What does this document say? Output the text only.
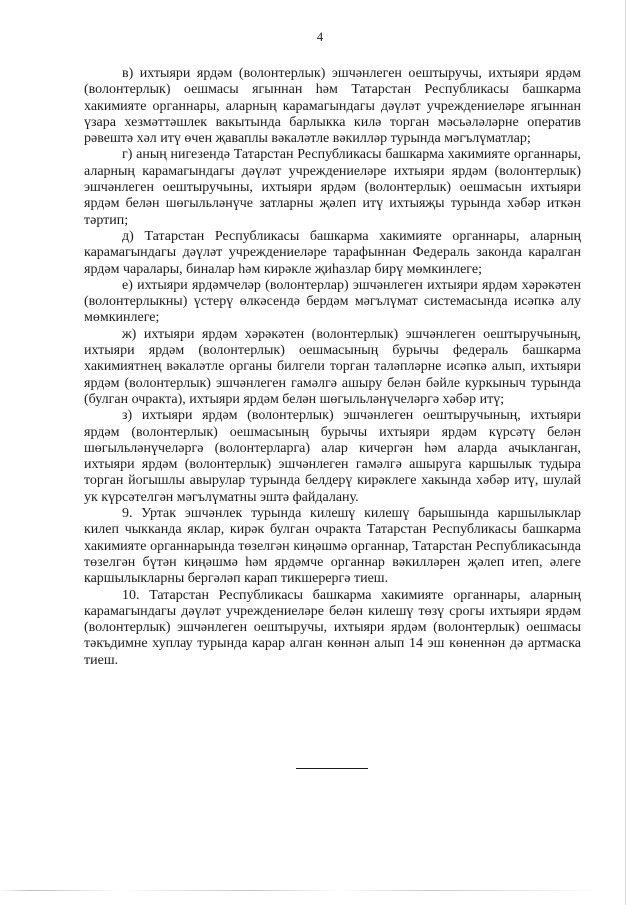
4

в) ихтыяри ярдәм (волонтерлык) эшчәнлеген оештыручы, ихтыяри ярдәм (волонтерлык) оешмасы ягыннан һәм Татарстан Республикасы башкарма хакимияте органнары, аларның карамагындагы дәүләт учреждениеләре ягыннан үзара хезмәттәшлек вакытында барлыкка килә торган мәсьәләләрне оператив рәвештә хәл итү өчен җаваплы вәкаләтле вәкилләр турында мәгълүматлар;

г) аның нигезендә Татарстан Республикасы башкарма хакимияте органнары, аларның карамагындагы дәүләт учреждениеләре ихтыяри ярдәм (волонтерлык) эшчәнлеген оештыручыны, ихтыяри ярдәм (волонтерлык) оешмасын ихтыяри ярдәм белән шөгыльләнүче затларны җәлеп итү ихтыяҗы турында хәбәр иткән тәртип;

д) Татарстан Республикасы башкарма хакимияте органнары, аларның карамагындагы дәүләт учреждениеләре тарафыннан Федераль законда каралган ярдәм чаралары, биналар һәм кирәкле җиһазлар бирү мөмкинлеге;

е) ихтыяри ярдәмчеләр (волонтерлар) эшчәнлеген ихтыяри ярдәм хәрәкәтен (волонтерлыкны) үстерү өлкәсендә бердәм мәгълүмат системасында исәпкә алу мөмкинлеге;

ж) ихтыяри ярдәм хәрәкәтен (волонтерлык) эшчәнлеген оештыручының, ихтыяри ярдәм (волонтерлык) оешмасының бурычы федераль башкарма хакимиятнең вәкаләтле органы билгели торган таләпләрне исәпкә алып, ихтыяри ярдәм (волонтерлык) эшчәнлеген гамәлгә ашыру белән бәйле куркыныч турында (булган очракта), ихтыяри ярдәм белән шөгыльләнүчеләргә хәбәр итү;

з) ихтыяри ярдәм (волонтерлык) эшчәнлеген оештыручының, ихтыяри ярдәм (волонтерлык) оешмасының бурычы ихтыяри ярдәм күрсәтү белән шөгыльләнүчеләргә (волонтерларга) алар кичергән һәм аларда ачыкланган, ихтыяри ярдәм (волонтерлык) эшчәнлеген гамәлгә ашыруга каршылык тудыра торган йогышлы авырулар турында белдерү кирәклеге хакында хәбәр итү, шулай ук күрсәтелгән мәгълүматны эштә файдалану.

9. Уртак эшчәнлек турында килешү килешү барышында каршылыклар килеп чыкканда яклар, кирәк булган очракта Татарстан Республикасы башкарма хакимияте органнарында төзелгән киңәшмә органнар, Татарстан Республикасында төзелгән бүтән киңәшмә һәм ярдәмче органнар вәкилләрен җәлеп итеп, әлеге каршылыкларны бергәләп карап тикшерергә тиеш.

10. Татарстан Республикасы башкарма хакимияте органнары, аларның карамагындагы дәүләт учреждениеләре белән килешү төзү срогы ихтыяри ярдәм (волонтерлык) эшчәнлеген оештыручы, ихтыяри ярдәм (волонтерлык) оешмасы тәкъдимне хуплау турында карар алган көннән алып 14 эш көненнән дә артмаска тиеш.
